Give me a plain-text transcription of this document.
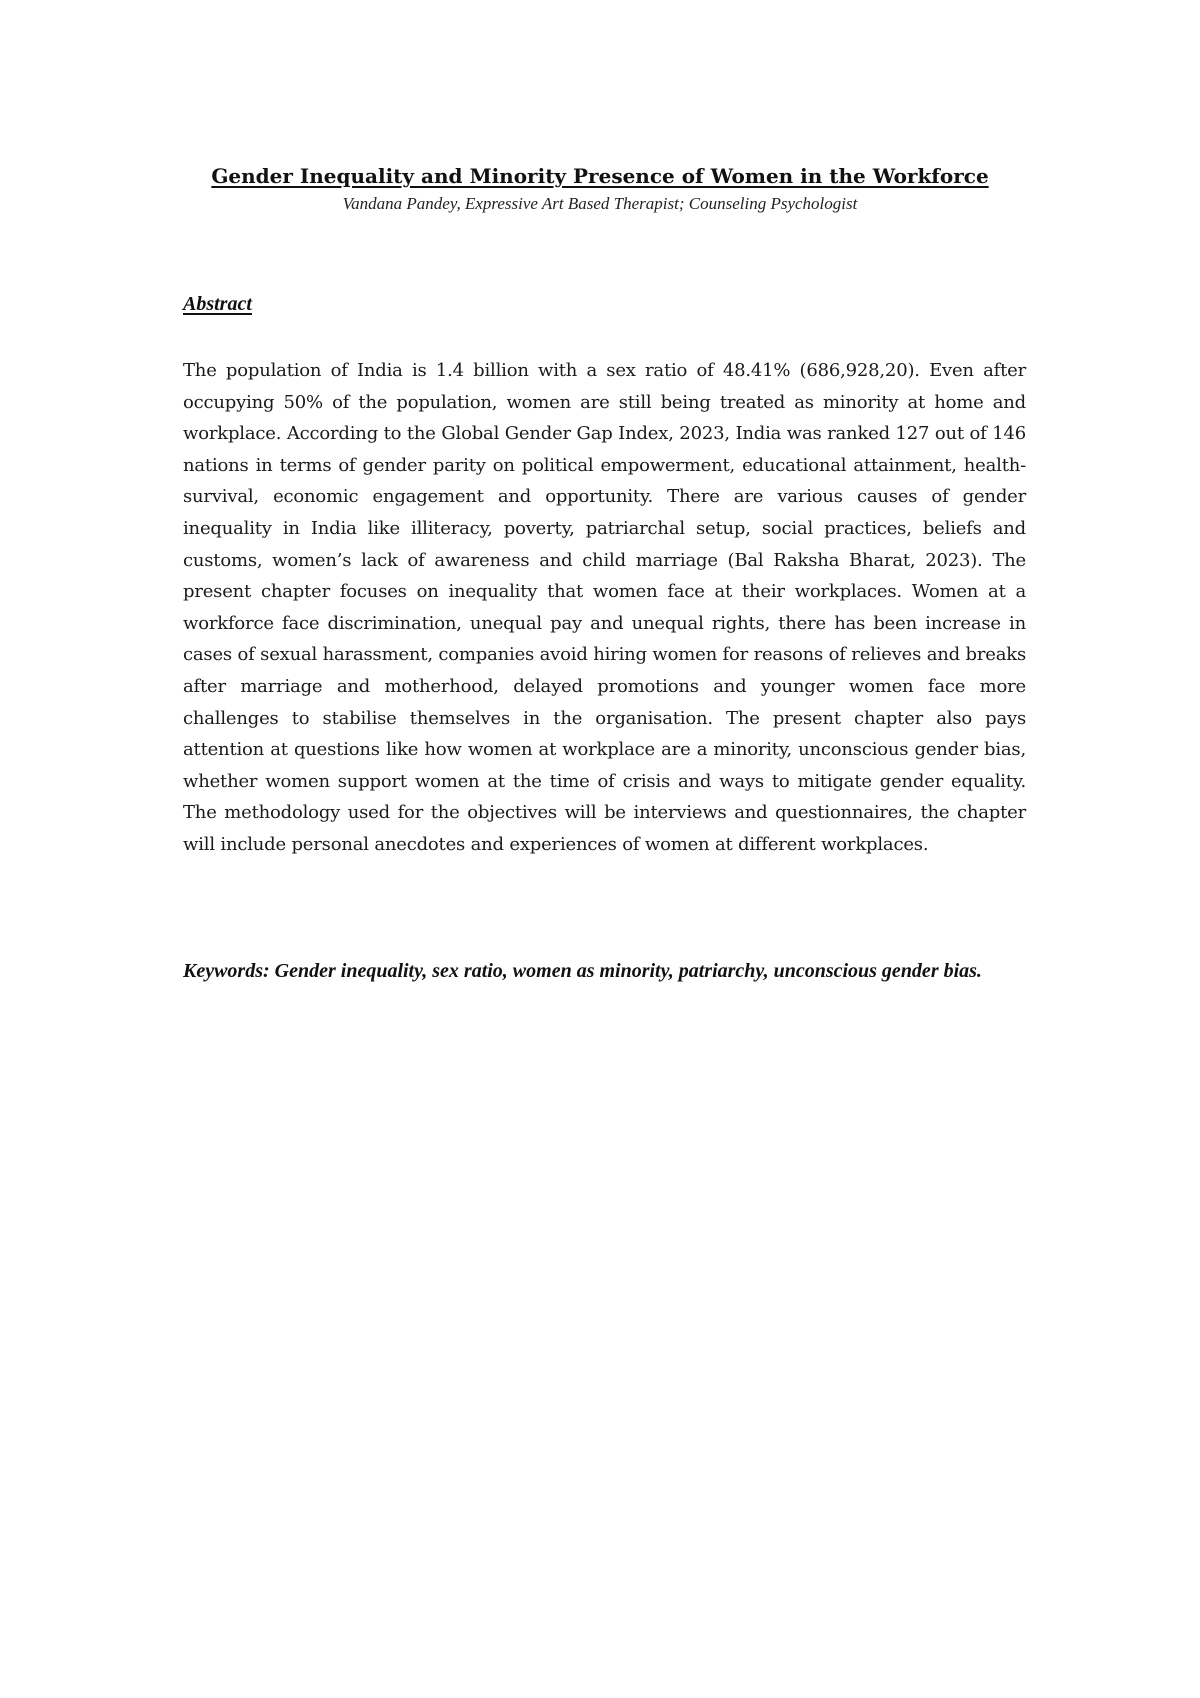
Gender Inequality and Minority Presence of Women in the Workforce

Vandana Pandey, Expressive Art Based Therapist; Counseling Psychologist

Abstract

The population of India is 1.4 billion with a sex ratio of 48.41% (686,928,20). Even after occupying 50% of the population, women are still being treated as minority at home and workplace. According to the Global Gender Gap Index, 2023, India was ranked 127 out of 146 nations in terms of gender parity on political empowerment, educational attainment, health-survival, economic engagement and opportunity. There are various causes of gender inequality in India like illiteracy, poverty, patriarchal setup, social practices, beliefs and customs, women’s lack of awareness and child marriage (Bal Raksha Bharat, 2023). The present chapter focuses on inequality that women face at their workplaces. Women at a workforce face discrimination, unequal pay and unequal rights, there has been increase in cases of sexual harassment, companies avoid hiring women for reasons of relieves and breaks after marriage and motherhood, delayed promotions and younger women face more challenges to stabilise themselves in the organisation. The present chapter also pays attention at questions like how women at workplace are a minority, unconscious gender bias, whether women support women at the time of crisis and ways to mitigate gender equality. The methodology used for the objectives will be interviews and questionnaires, the chapter will include personal anecdotes and experiences of women at different workplaces.

Keywords: Gender inequality, sex ratio, women as minority, patriarchy, unconscious gender bias.
